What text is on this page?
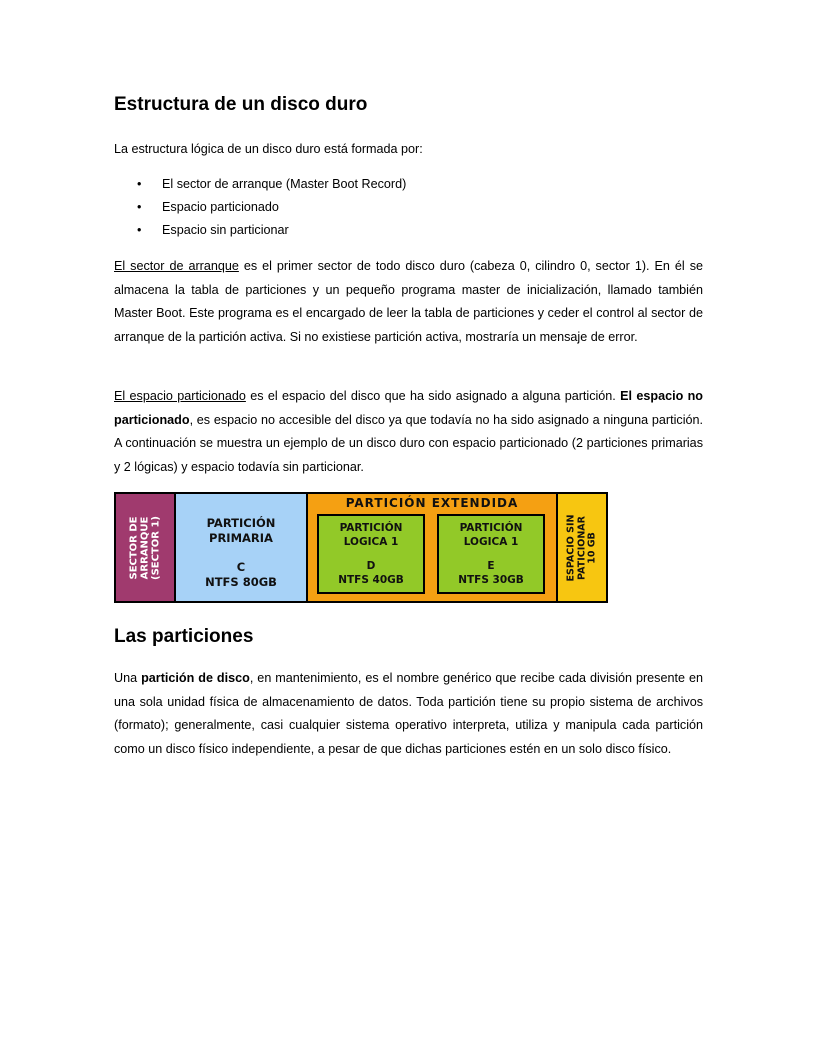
Estructura de un disco duro

La estructura lógica de un disco duro está formada por:

• El sector de arranque (Master Boot Record)
• Espacio particionado
• Espacio sin particionar

El sector de arranque es el primer sector de todo disco duro (cabeza 0, cilindro 0, sector 1). En él se almacena la tabla de particiones y un pequeño programa master de inicialización, llamado también Master Boot. Este programa es el encargado de leer la tabla de particiones y ceder el control al sector de arranque de la partición activa. Si no existiese partición activa, mostraría un mensaje de error.

El espacio particionado es el espacio del disco que ha sido asignado a alguna partición. El espacio no particionado, es espacio no accesible del disco ya que todavía no ha sido asignado a ninguna partición. A continuación se muestra un ejemplo de un disco duro con espacio particionado (2 particiones primarias y 2 lógicas) y espacio todavía sin particionar.

SECTOR DE ARRANQUE (SECTOR 1)	PARTICIÓN
PRIMARIA
C
NTFS 80GB
PARTICIÓN EXTENDIDA
PARTICIÓN
LOGICA 1
D
NTFS 40GB
PARTICIÓN
LOGICA 1
E
NTFS 30GB	ESPACIO SIN PATICIONAR 10 GB
Las particiones

Una partición de disco, en mantenimiento, es el nombre genérico que recibe cada división presente en una sola unidad física de almacenamiento de datos. Toda partición tiene su propio sistema de archivos (formato); generalmente, casi cualquier sistema operativo interpreta, utiliza y manipula cada partición como un disco físico independiente, a pesar de que dichas particiones estén en un solo disco físico.
